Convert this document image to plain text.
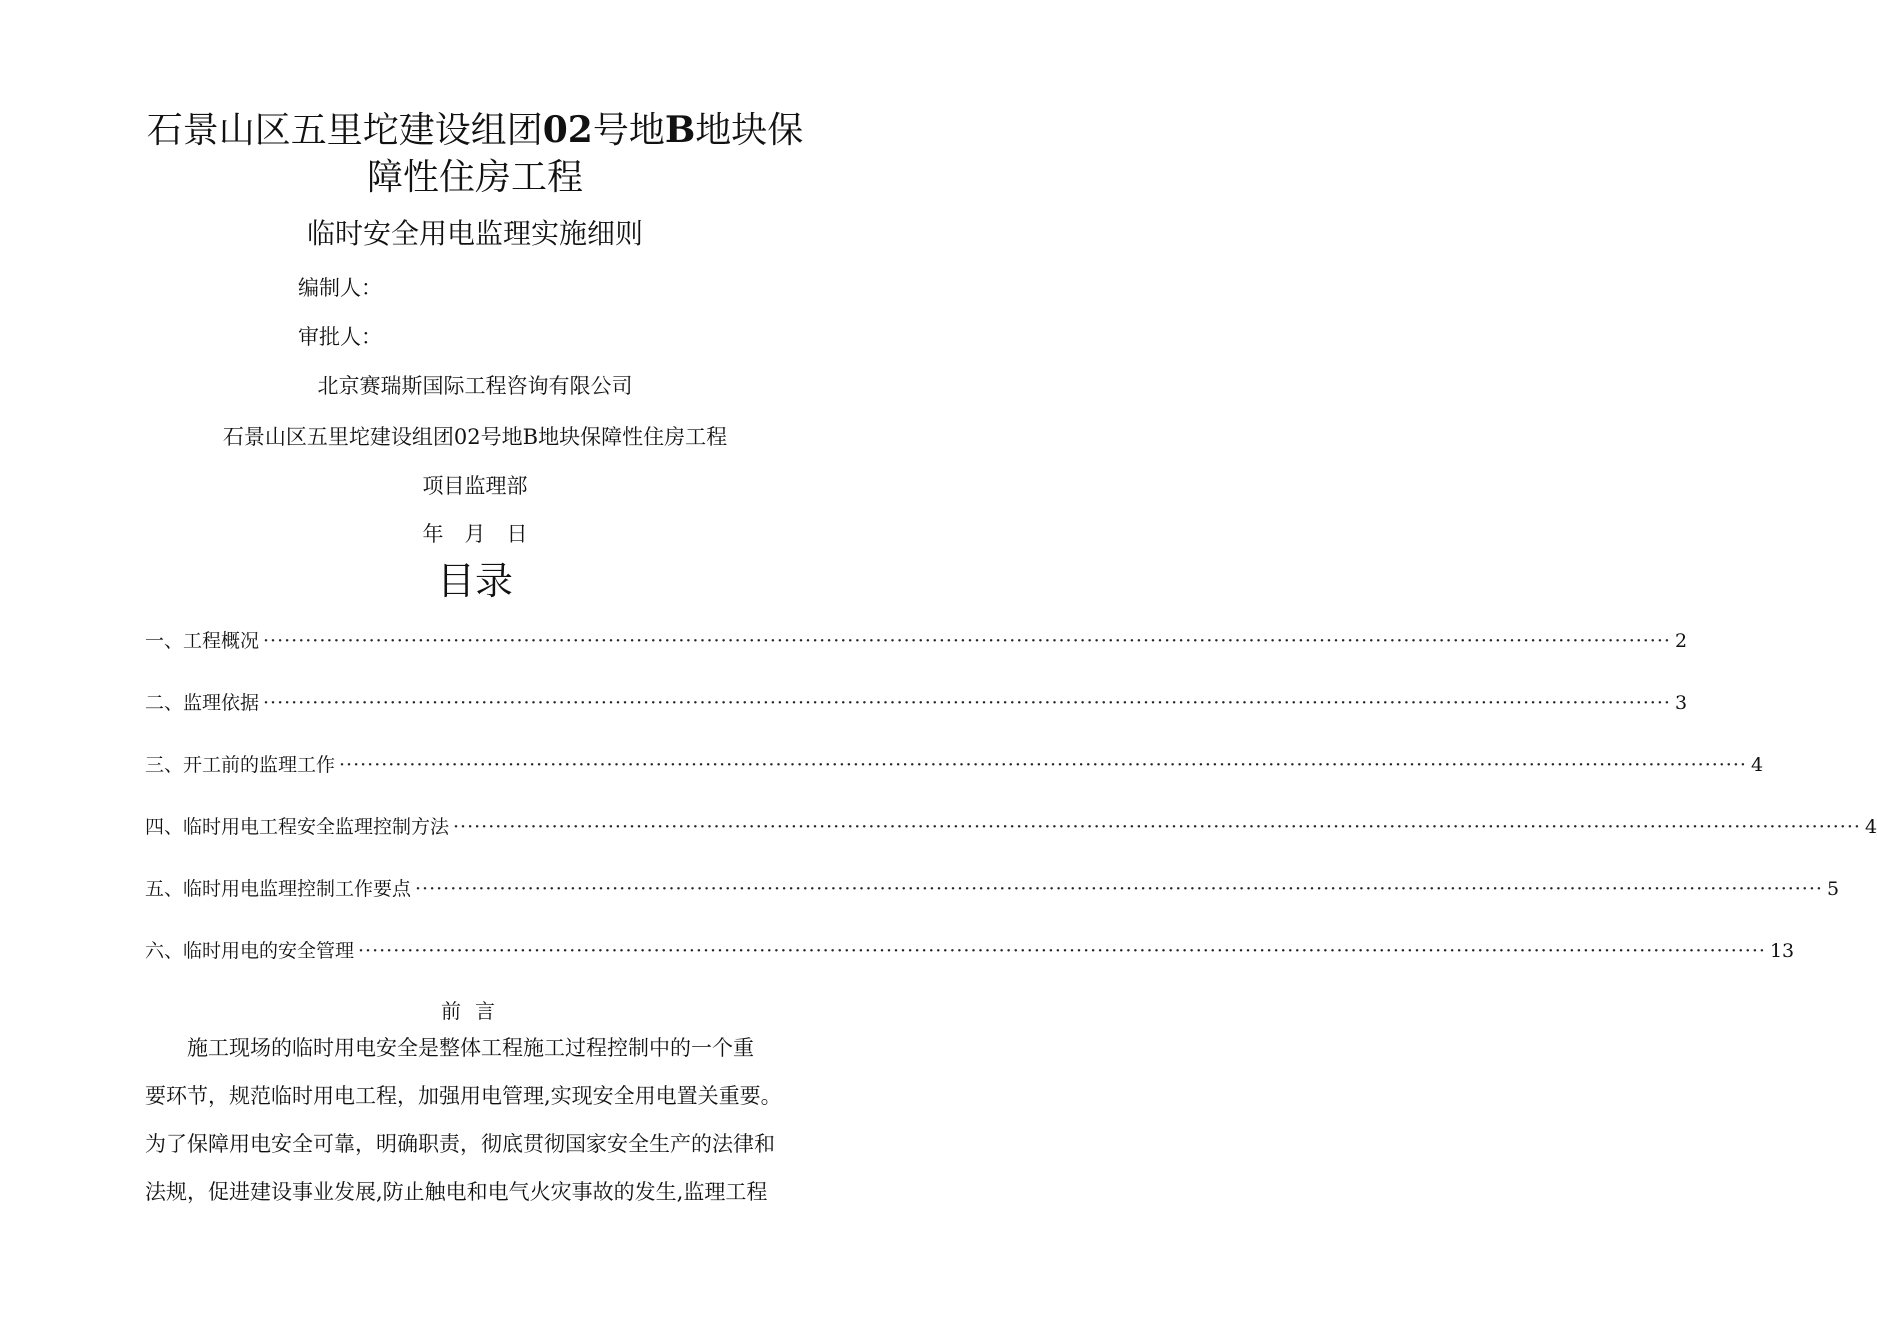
石景山区五里坨建设组团02号地B地块保
障性住房工程
临时安全用电监理实施细则
编制人：
审批人：
北京赛瑞斯国际工程咨询有限公司
石景山区五里坨建设组团02号地B地块保障性住房工程
项目监理部
年　月　日
目录
一、工程概况 ········································································································································································································ 2
二、监理依据 ········································································································································································································ 3
三、开工前的监理工作 ········································································································································································································ 4
四、临时用电工程安全监理控制方法 ········································································································································································································ 4
五、临时用电监理控制工作要点 ········································································································································································································ 5
六、临时用电的安全管理 ········································································································································································································ 13
前言
　　施工现场的临时用电安全是整体工程施工过程控制中的一个重
要环节，规范临时用电工程，加强用电管理,实现安全用电置关重要。
为了保障用电安全可靠，明确职责，彻底贯彻国家安全生产的法律和
法规，促进建设事业发展,防止触电和电气火灾事故的发生,监理工程
